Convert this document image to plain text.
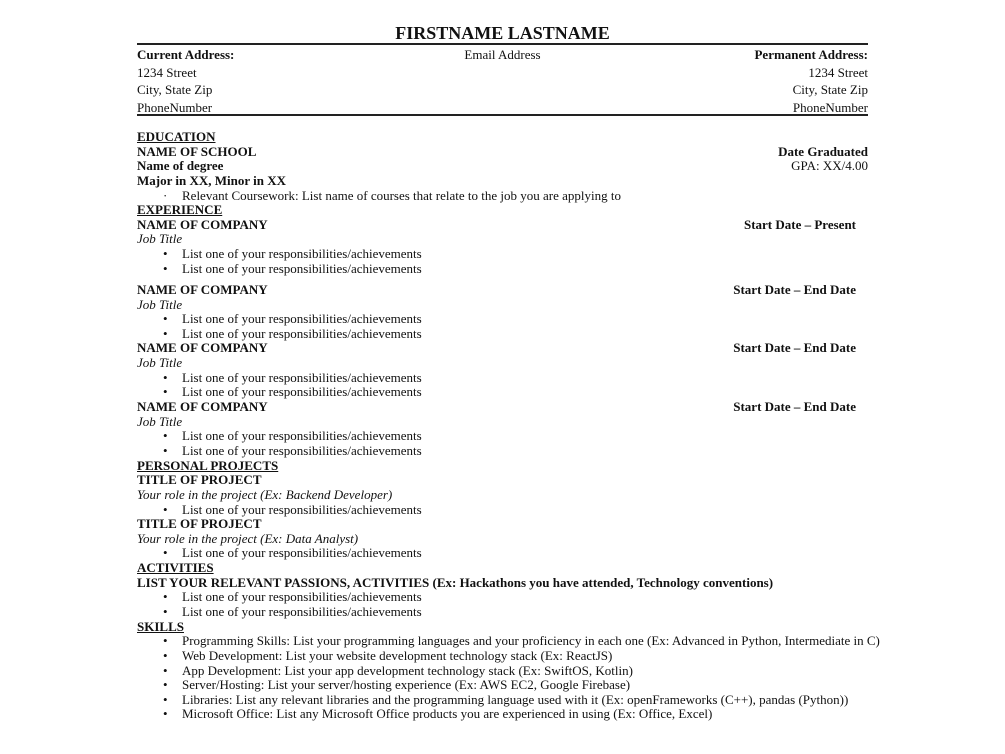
FIRSTNAME LASTNAME
Current Address:	Email Address	Permanent Address:
1234 Street	1234 Street
City, State Zip	City, State Zip
PhoneNumber	PhoneNumber
EDUCATION
NAME OF SCHOOL	Date Graduated
Name of degree	GPA: XX/4.00
Major in XX, Minor in XX
· Relevant Coursework: List name of courses that relate to the job you are applying to
EXPERIENCE
NAME OF COMPANY	Start Date – Present
Job Title
• List one of your responsibilities/achievements
• List one of your responsibilities/achievements
NAME OF COMPANY	Start Date – End Date
Job Title
• List one of your responsibilities/achievements
• List one of your responsibilities/achievements
NAME OF COMPANY	Start Date – End Date
Job Title
• List one of your responsibilities/achievements
• List one of your responsibilities/achievements
NAME OF COMPANY	Start Date – End Date
Job Title
• List one of your responsibilities/achievements
• List one of your responsibilities/achievements
PERSONAL PROJECTS
TITLE OF PROJECT
Your role in the project (Ex: Backend Developer)
• List one of your responsibilities/achievements
TITLE OF PROJECT
Your role in the project (Ex: Data Analyst)
• List one of your responsibilities/achievements
ACTIVITIES
LIST YOUR RELEVANT PASSIONS, ACTIVITIES (Ex: Hackathons you have attended, Technology conventions)
• List one of your responsibilities/achievements
• List one of your responsibilities/achievements
SKILLS
• Programming Skills: List your programming languages and your proficiency in each one (Ex: Advanced in Python, Intermediate in C)
• Web Development: List your website development technology stack (Ex: ReactJS)
• App Development: List your app development technology stack (Ex: SwiftOS, Kotlin)
• Server/Hosting: List your server/hosting experience (Ex: AWS EC2, Google Firebase)
• Libraries: List any relevant libraries and the programming language used with it (Ex: openFrameworks (C++), pandas (Python))
• Microsoft Office: List any Microsoft Office products you are experienced in using (Ex: Office, Excel)
